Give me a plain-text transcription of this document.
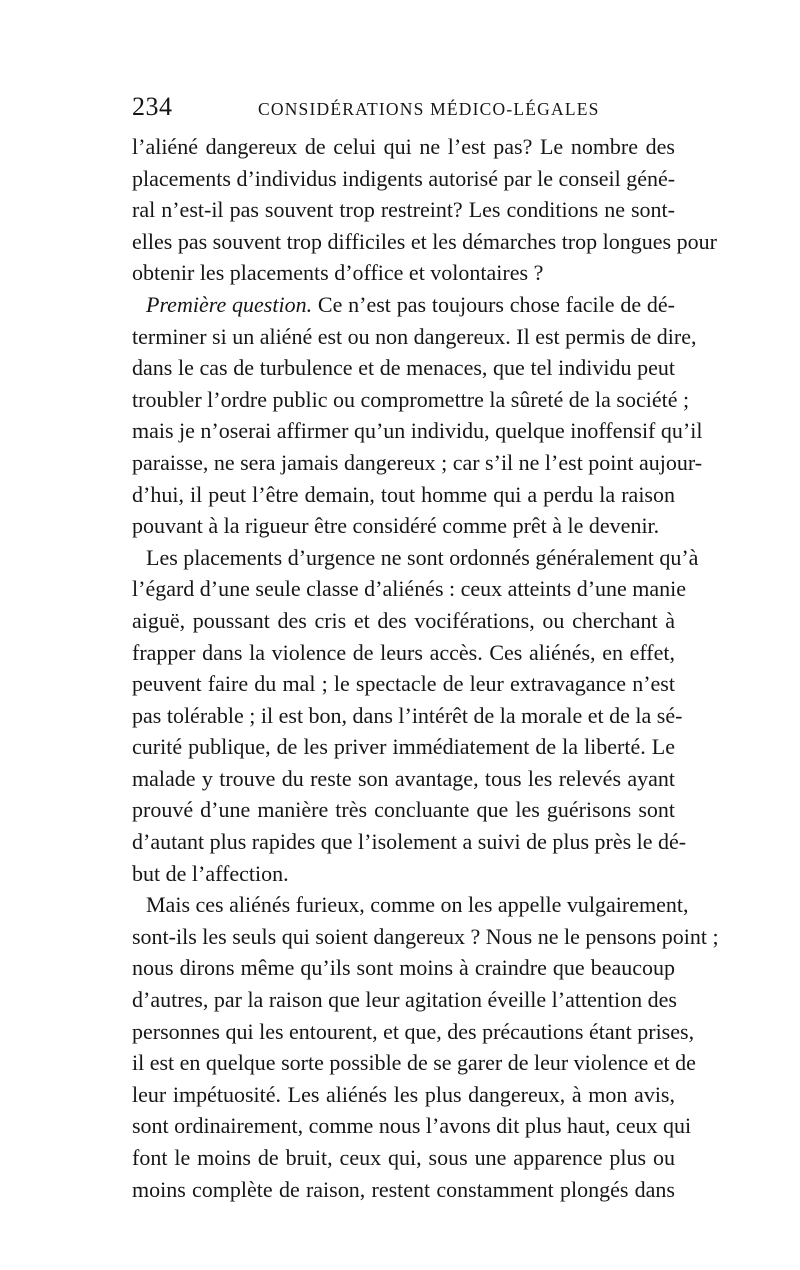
234	CONSIDÉRATIONS MÉDICO-LÉGALES
l’aliéné dangereux de celui qui ne l’est pas? Le nombre des
placements d’individus indigents autorisé par le conseil géné-
ral n’est-il pas souvent trop restreint? Les conditions ne sont-
elles pas souvent trop difficiles et les démarches trop longues pour
obtenir les placements d’office et volontaires ?
Première question. Ce n’est pas toujours chose facile de dé-
terminer si un aliéné est ou non dangereux. Il est permis de dire,
dans le cas de turbulence et de menaces, que tel individu peut
troubler l’ordre public ou compromettre la sûreté de la société ;
mais je n’oserai affirmer qu’un individu, quelque inoffensif qu’il
paraisse, ne sera jamais dangereux ; car s’il ne l’est point aujour-
d’hui, il peut l’être demain, tout homme qui a perdu la raison
pouvant à la rigueur être considéré comme prêt à le devenir.
Les placements d’urgence ne sont ordonnés généralement qu’à
l’égard d’une seule classe d’aliénés : ceux atteints d’une manie
aiguë, poussant des cris et des vociférations, ou cherchant à
frapper dans la violence de leurs accès. Ces aliénés, en effet,
peuvent faire du mal ; le spectacle de leur extravagance n’est
pas tolérable ; il est bon, dans l’intérêt de la morale et de la sé-
curité publique, de les priver immédiatement de la liberté. Le
malade y trouve du reste son avantage, tous les relevés ayant
prouvé d’une manière très concluante que les guérisons sont
d’autant plus rapides que l’isolement a suivi de plus près le dé-
but de l’affection.
Mais ces aliénés furieux, comme on les appelle vulgairement,
sont-ils les seuls qui soient dangereux ? Nous ne le pensons point ;
nous dirons même qu’ils sont moins à craindre que beaucoup
d’autres, par la raison que leur agitation éveille l’attention des
personnes qui les entourent, et que, des précautions étant prises,
il est en quelque sorte possible de se garer de leur violence et de
leur impétuosité. Les aliénés les plus dangereux, à mon avis,
sont ordinairement, comme nous l’avons dit plus haut, ceux qui
font le moins de bruit, ceux qui, sous une apparence plus ou
moins complète de raison, restent constamment plongés dans
